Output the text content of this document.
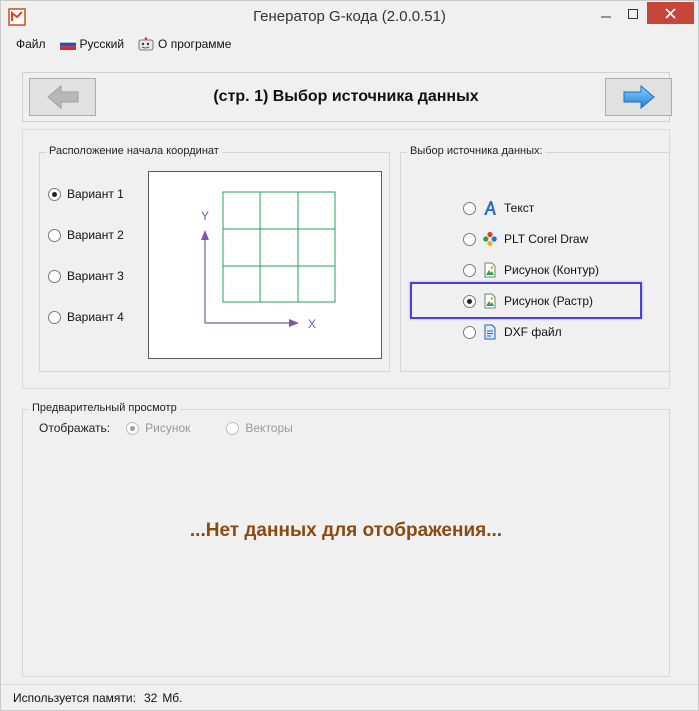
Генератор G-кода (2.0.0.51)
Файл	Русский	О программе
(стр. 1) Выбор источника данных
Расположение начала координат
Вариант 1
Вариант 2
Вариант 3
Вариант 4
Y
X
Выбор источника данных:
Текст
PLT Corel Draw
Рисунок (Контур)
Рисунок (Растр)
DXF файл
Предварительный просмотр
Отображать:	Рисунок	Векторы
...Нет данных для отображения...
Используется памяти: 32 Мб.
